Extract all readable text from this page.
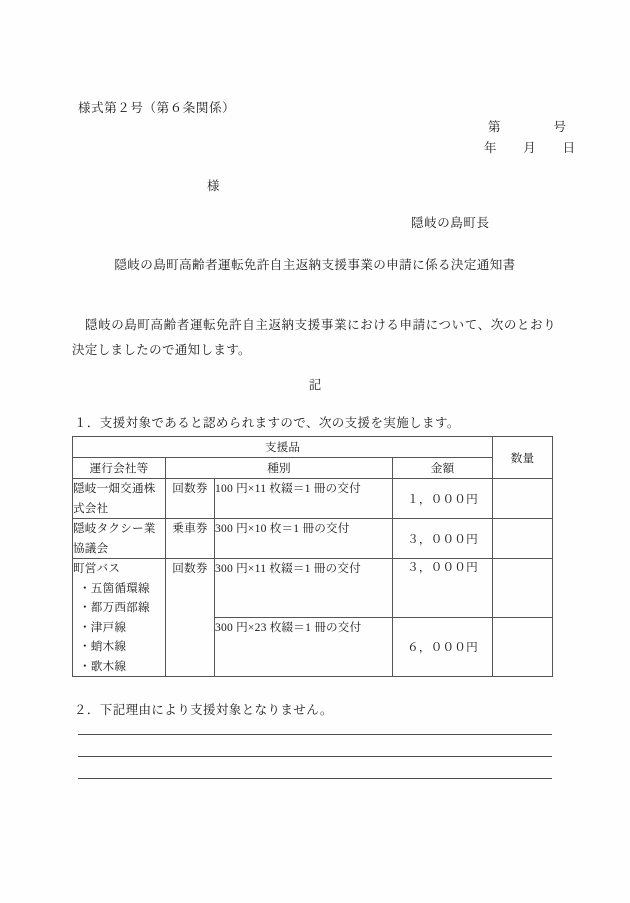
様式第２号（第６条関係）
第　　　　号
年　　月　　日
様
隠岐の島町長
隠岐の島町高齢者運転免許自主返納支援事業の申請に係る決定通知書
隠岐の島町高齢者運転免許自主返納支援事業における申請について、次のとおり決定しましたので通知します。
記
１．支援対象であると認められますので、次の支援を実施します。
支援品				数量
運行会社等	種別		金額	

隠岐一畑交通株
式会社	回数券	100 円×11 枚綴＝1 冊の交付	１，０００円	

隠岐タクシー業
協議会	乗車券	300 円×10 枚＝1 冊の交付	３，０００円	

町営バス
・五箇循環線
・都万西部線
・津戸線
・蛸木線
・歌木線
	回数券	300 円×11 枚綴＝1 冊の交付	３，０００円	
		300 円×23 枚綴＝1 冊の交付	６，０００円	
２．下記理由により支援対象となりません。
